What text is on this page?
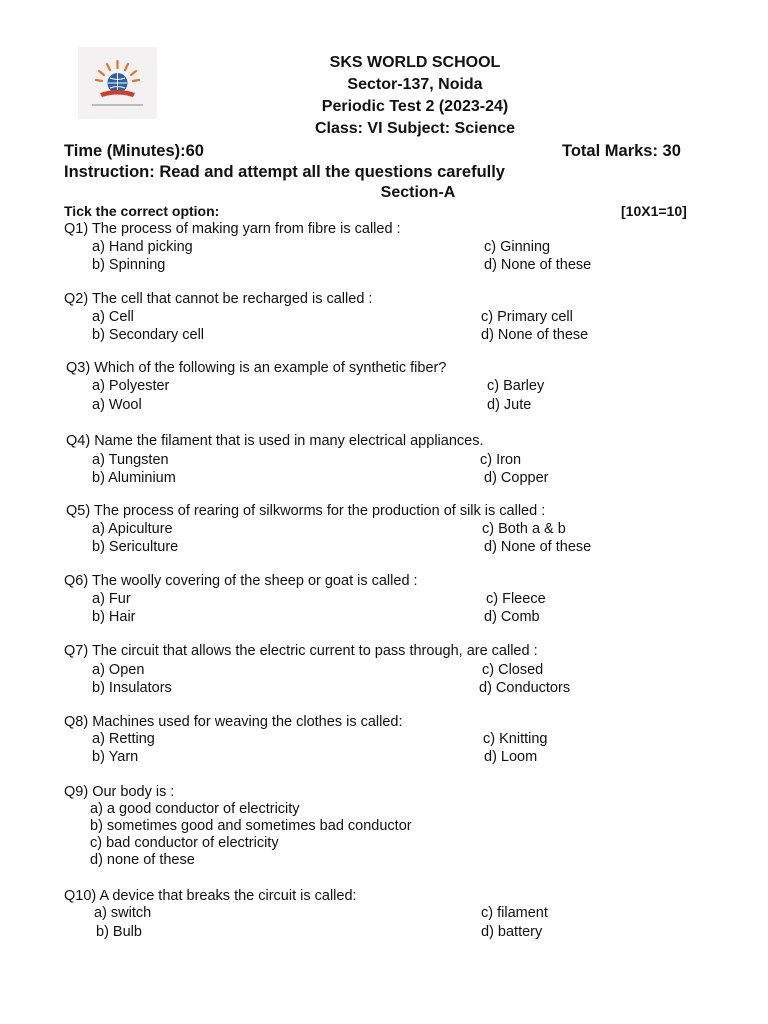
SKS WORLD SCHOOL
Sector-137, Noida
Periodic Test 2 (2023-24)
Class: VI Subject: Science
Time (Minutes):60	Total Marks: 30
Instruction: Read and attempt all the questions carefully
Section-A
Tick the correct option:	[10X1=10]
Q1) The process of making yarn from fibre is called :
a) Hand picking
b) Spinning
c) Ginning
d) None of these
Q2) The cell that cannot be recharged is called :
a) Cell
b) Secondary cell
c) Primary cell
d) None of these
Q3) Which of the following is an example of synthetic fiber?
a) Polyester
a) Wool
c) Barley
d) Jute
Q4) Name the filament that is used in many electrical appliances.
a) Tungsten
b) Aluminium
c) Iron
d) Copper
Q5) The process of rearing of silkworms for the production of silk is called :
a) Apiculture
b) Sericulture
c) Both a & b
d) None of these
Q6) The woolly covering of the sheep or goat is called :
a) Fur
b) Hair
c) Fleece
d) Comb
Q7) The circuit that allows the electric current to pass through, are called :
a) Open
b) Insulators
c) Closed
d) Conductors
Q8) Machines used for weaving the clothes is called:
a) Retting
b) Yarn
c) Knitting
d) Loom
Q9) Our body is :
a) a good conductor of electricity
b) sometimes good and sometimes bad conductor
c) bad conductor of electricity
d) none of these
Q10) A device that breaks the circuit is called:
a) switch
b) Bulb
c) filament
d) battery
